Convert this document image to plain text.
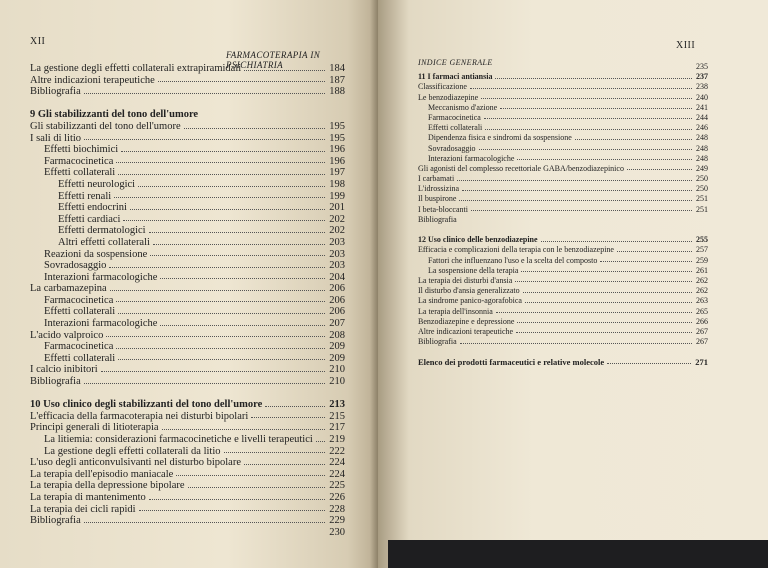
XII
FARMACOTERAPIA IN PSICHIATRIA
La gestione degli effetti collaterali extrapiramidali	184
Altre indicazioni terapeutiche	187
Bibliografia	188
9 Gli stabilizzanti del tono dell'umore
Gli stabilizzanti del tono dell'umore	195
I sali di litio	195
Effetti biochimici	196
Farmacocinetica	196
Effetti collaterali	197
Effetti neurologici	198
Effetti renali	199
Effetti endocrini	201
Effetti cardiaci	202
Effetti dermatologici	202
Altri effetti collaterali	203
Reazioni da sospensione	203
Sovradosaggio	203
Interazioni farmacologiche	204
La carbamazepina	206
Farmacocinetica	206
Effetti collaterali	206
Interazioni farmacologiche	207
L'acido valproico	208
Farmacocinetica	209
Effetti collaterali	209
I calcio inibitori	210
Bibliografia	210
10 Uso clinico degli stabilizzanti del tono dell'umore	213
L'efficacia della farmacoterapia nei disturbi bipolari	215
Principi generali di litioterapia	217
La litiemia: considerazioni farmacocinetiche e livelli terapeutici 219
La gestione degli effetti collaterali da litio	222
L'uso degli anticonvulsivanti nel disturbo bipolare	224
La terapia dell'episodio maniacale	224
La terapia della depressione bipolare	225
La terapia di mantenimento	226
La terapia dei cicli rapidi	228
Bibliografia	229
230
XIII
INDICE GENERALE	235
11 I farmaci antiansia	237
Classificazione	238
Le benzodiazepine	240
Meccanismo d'azione	241
Farmacocinetica	244
Effetti collaterali	246
Dipendenza fisica e sindromi da sospensione	248
Sovradosaggio	248
Interazioni farmacologiche	248
Gli agonisti del complesso recettoriale GABA/benzodiazepinico	249
I carbamati	250
L'idrossizina	250
Il buspirone	251
I beta-bloccanti	251
Bibliografia
12 Uso clinico delle benzodiazepine	255
Efficacia e complicazioni della terapia con le benzodiazepine	257
Fattori che influenzano l'uso e la scelta del composto	259
La sospensione della terapia	261
La terapia dei disturbi d'ansia	262
Il disturbo d'ansia generalizzato	262
La sindrome panico-agorafobica	263
La terapia dell'insonnia	265
Benzodiazepine e depressione	266
Altre indicazioni terapeutiche	267
Bibliografia	267
Elenco dei prodotti farmaceutici e relative molecole	271
